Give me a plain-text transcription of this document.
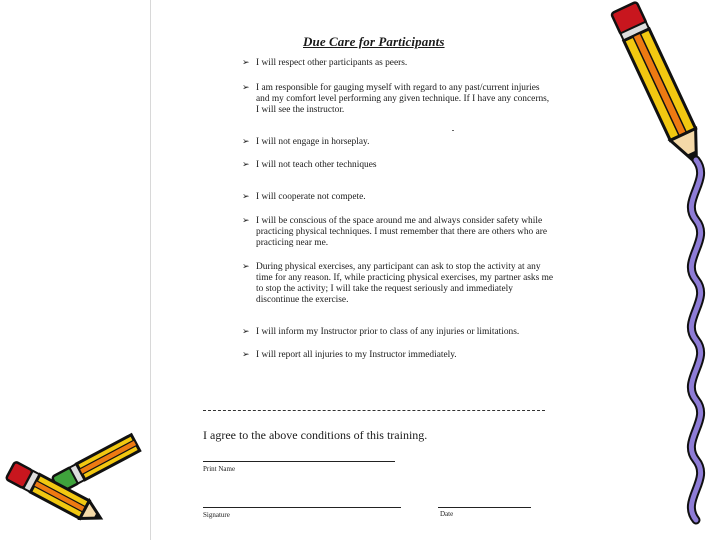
Due Care for Participants
➢ I will respect other participants as peers.
➢ I am responsible for gauging myself with regard to any past/current injuries and my comfort level performing any given technique. If I have any concerns, I will see the instructor.
➢ I will not engage in horseplay.
➢ I will not teach other techniques
➢ I will cooperate not compete.
➢ I will be conscious of the space around me and always consider safety while practicing physical techniques. I must remember that there are others who are practicing near me.
➢ During physical exercises, any participant can ask to stop the activity at any time for any reason. If, while practicing physical exercises, my partner asks me to stop the activity; I will take the request seriously and immediately discontinue the exercise.
➢ I will inform my Instructor prior to class of any injuries or limitations.
➢ I will report all injuries to my Instructor immediately.
I agree to the above conditions of this training.
Print Name
Signature	Date
